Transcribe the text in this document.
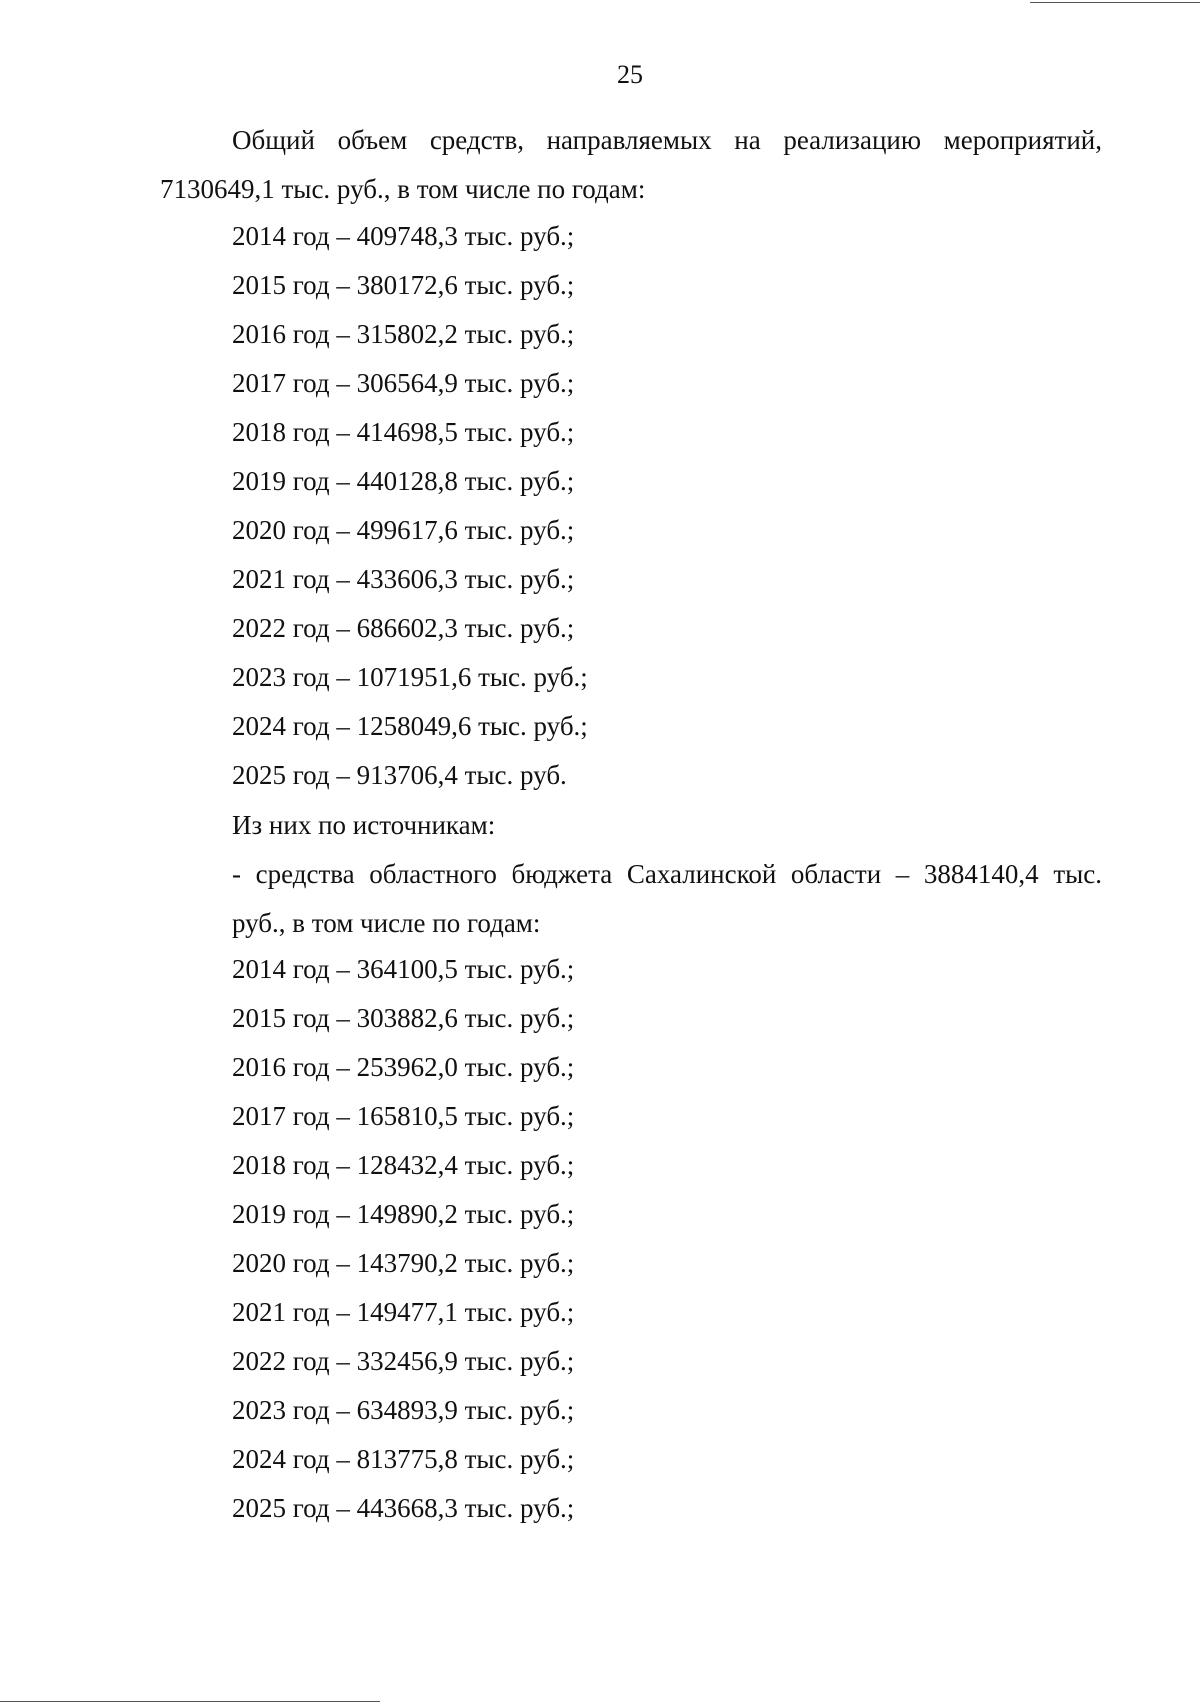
25
Общий объем средств, направляемых на реализацию мероприятий,
7130649,1 тыс. руб., в том числе по годам:
2014 год – 409748,3 тыс. руб.;
2015 год – 380172,6 тыс. руб.;
2016 год – 315802,2 тыс. руб.;
2017 год – 306564,9 тыс. руб.;
2018 год – 414698,5 тыс. руб.;
2019 год – 440128,8 тыс. руб.;
2020 год – 499617,6 тыс. руб.;
2021 год – 433606,3 тыс. руб.;
2022 год – 686602,3 тыс. руб.;
2023 год – 1071951,6 тыс. руб.;
2024 год – 1258049,6 тыс. руб.;
2025 год – 913706,4 тыс. руб.
Из них по источникам:
- средства областного бюджета Сахалинской области – 3884140,4 тыс.
руб., в том числе по годам:
2014 год – 364100,5 тыс. руб.;
2015 год – 303882,6 тыс. руб.;
2016 год – 253962,0 тыс. руб.;
2017 год – 165810,5 тыс. руб.;
2018 год – 128432,4 тыс. руб.;
2019 год – 149890,2 тыс. руб.;
2020 год – 143790,2 тыс. руб.;
2021 год – 149477,1 тыс. руб.;
2022 год – 332456,9 тыс. руб.;
2023 год – 634893,9 тыс. руб.;
2024 год – 813775,8 тыс. руб.;
2025 год – 443668,3 тыс. руб.;
